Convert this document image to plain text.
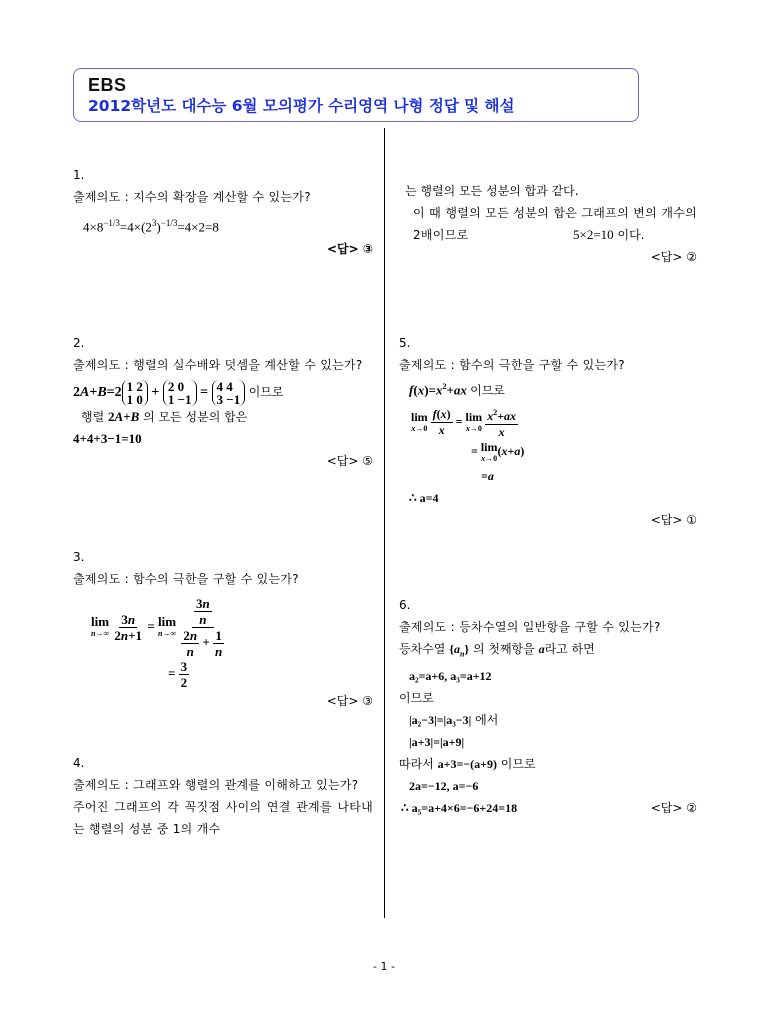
EBS
2012학년도 대수능 6월 모의평가 수리영역 나형 정답 및 해설
1.
출제의도 : 지수의 확장을 계산할 수 있는가?
$4\times 8^{-1/3}=4\times(2^3)^{-1/3}=4\times 2=8$
<답> ③
2.
출제의도 : 행렬의 실수배와 덧셈을 계산할 수 있는가?
2A+B=2 1 2
1 0 + 2 0
1 −1 = 4 4
3 −1 이므로
행렬 2A+B 의 모든 성분의 합은
4+4+3−1=10
<답> ⑤
3.
출제의도 : 함수의 극한을 구할 수 있는가?
lim
n→∞
$\frac{3n}{2n+1} = \lim$
n→∞
$\frac{\frac{3n}{n}}{\frac{2n}{n} + \frac{1}{n}}$
= $\frac{3}{2}$
<답> ③
4.
출제의도 : 그래프와 행렬의 관계를 이해하고 있는가?
주어진 그래프의 각 꼭짓점 사이의 연결 관계를 나타내는 행렬의 성분 중 1의 개수
는 행렬의 모든 성분의 합과 같다.
이 때 행렬의 모든 성분의 합은 그래프의 변의 개수의 2배이므로	5×2=10 이다.
<답> ②
5.
출제의도 : 함수의 극한을 구할 수 있는가?
$f(x)=x^2+ax$ 이므로
lim
x→0
$\frac{f(x)}{x} = \lim$
x→0
$\frac{x^2+ax}{x}$
= lim
x→0 (x+a)
=a
∴ a=4
<답> ①
6.
출제의도 : 등차수열의 일반항을 구할 수 있는가?
등차수열 $\{a_n\}$ 의 첫째항을 a라고 하면
a₂=a+6, a₃=a+12
이므로
|a₂−3|=|a₃−3| 에서
|a+3|=|a+9|
따라서 a+3=−(a+9) 이므로
2a=−12, a=−6
∴ a₅=a+4×6=−6+24=18	<답> ②
- 1 -
